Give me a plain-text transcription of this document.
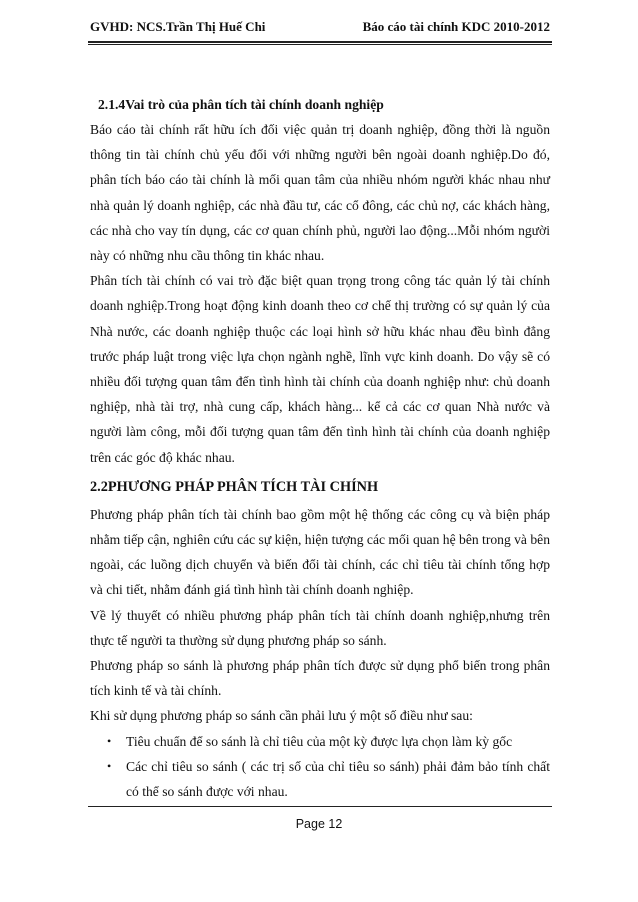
GVHD: NCS.Trần Thị Huế Chi	Báo cáo tài chính KDC 2010-2012
2.1.4Vai trò của phân tích tài chính doanh nghiệp

Báo cáo tài chính rất hữu ích đối việc quản trị doanh nghiệp, đồng thời là nguồn thông tin tài chính chủ yếu đối với những người bên ngoài doanh nghiệp.Do đó, phân tích báo cáo tài chính là mối quan tâm của nhiều nhóm người khác nhau như nhà quản lý doanh nghiệp, các nhà đầu tư, các cổ đông, các chủ nợ, các khách hàng, các nhà cho vay tín dụng, các cơ quan chính phủ, người lao động...Mỗi nhóm người này có những nhu cầu thông tin khác nhau.

Phân tích tài chính có vai trò đặc biệt quan trọng trong công tác quản lý tài chính doanh nghiệp.Trong hoạt động kinh doanh theo cơ chế thị trường có sự quản lý của Nhà nước, các doanh nghiệp thuộc các loại hình sở hữu khác nhau đều bình đẳng trước pháp luật trong việc lựa chọn ngành nghề, lĩnh vực kinh doanh. Do vậy sẽ có nhiều đối tượng quan tâm đến tình hình tài chính của doanh nghiệp như: chủ doanh nghiệp, nhà tài trợ, nhà cung cấp, khách hàng... kể cả các cơ quan Nhà nước và người làm công, mỗi đối tượng quan tâm đến tình hình tài chính của doanh nghiệp trên các góc độ khác nhau.

2.2PHƯƠNG PHÁP PHÂN TÍCH TÀI CHÍNH

Phương pháp phân tích tài chính bao gồm một hệ thống các công cụ và biện pháp nhằm tiếp cận, nghiên cứu các sự kiện, hiện tượng các mối quan hệ bên trong và bên ngoài, các luồng dịch chuyển và biến đổi tài chính, các chỉ tiêu tài chính tổng hợp và chi tiết, nhằm đánh giá tình hình tài chính doanh nghiệp.

Về lý thuyết có nhiều phương pháp phân tích tài chính doanh nghiệp,nhưng trên thực tế người ta thường sử dụng phương pháp so sánh.

Phương pháp so sánh là phương pháp phân tích được sử dụng phổ biến trong phân tích kinh tế và tài chính.

Khi sử dụng phương pháp so sánh cần phải lưu ý một số điều như sau:

• Tiêu chuẩn để so sánh là chỉ tiêu của một kỳ được lựa chọn làm kỳ gốc
• Các chỉ tiêu so sánh ( các trị số của chỉ tiêu so sánh) phải đảm bảo tính chất có thể so sánh được với nhau.
Page 12
